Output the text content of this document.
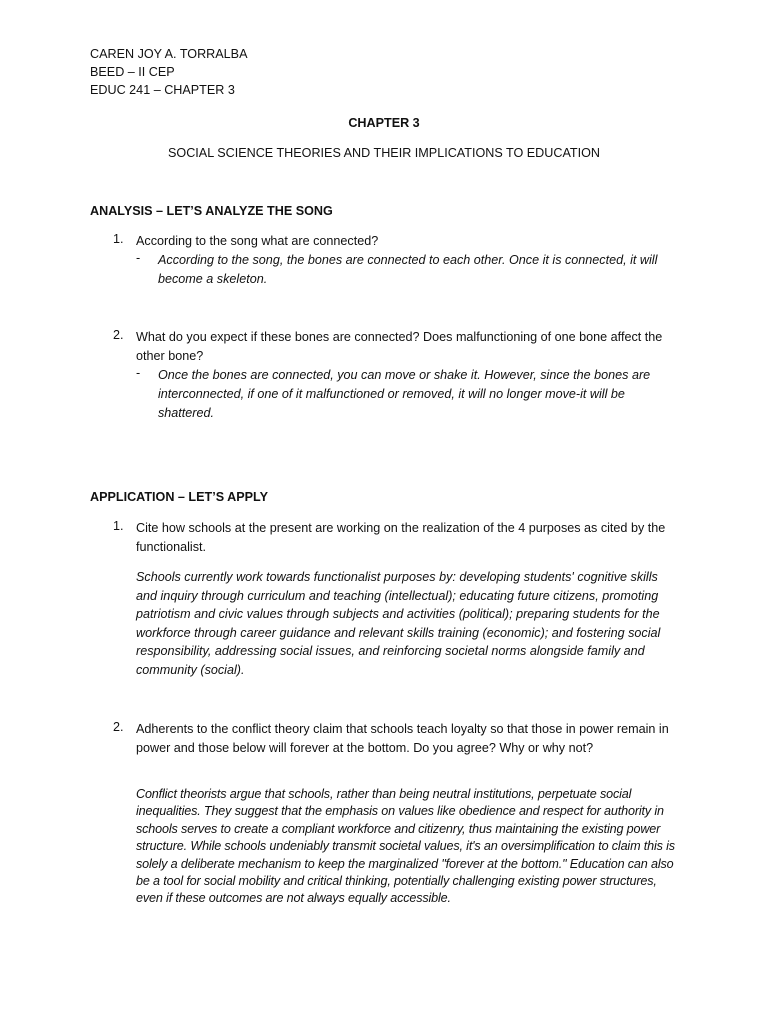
CAREN JOY A. TORRALBA
BEED – II CEP
EDUC 241 – CHAPTER 3
CHAPTER 3
SOCIAL SCIENCE THEORIES AND THEIR IMPLICATIONS TO EDUCATION
ANALYSIS – LET’S ANALYZE THE SONG
1. According to the song what are connected?
- According to the song, the bones are connected to each other. Once it is connected, it will become a skeleton.
2. What do you expect if these bones are connected? Does malfunctioning of one bone affect the other bone?
- Once the bones are connected, you can move or shake it. However, since the bones are interconnected, if one of it malfunctioned or removed, it will no longer move-it will be shattered.
APPLICATION – LET’S APPLY
1. Cite how schools at the present are working on the realization of the 4 purposes as cited by the functionalist.
Schools currently work towards functionalist purposes by: developing students' cognitive skills and inquiry through curriculum and teaching (intellectual); educating future citizens, promoting patriotism and civic values through subjects and activities (political); preparing students for the workforce through career guidance and relevant skills training (economic); and fostering social responsibility, addressing social issues, and reinforcing societal norms alongside family and community (social).
2. Adherents to the conflict theory claim that schools teach loyalty so that those in power remain in power and those below will forever at the bottom. Do you agree? Why or why not?
Conflict theorists argue that schools, rather than being neutral institutions, perpetuate social inequalities. They suggest that the emphasis on values like obedience and respect for authority in schools serves to create a compliant workforce and citizenry, thus maintaining the existing power structure. While schools undeniably transmit societal values, it's an oversimplification to claim this is solely a deliberate mechanism to keep the marginalized "forever at the bottom." Education can also be a tool for social mobility and critical thinking, potentially challenging existing power structures, even if these outcomes are not always equally accessible.
